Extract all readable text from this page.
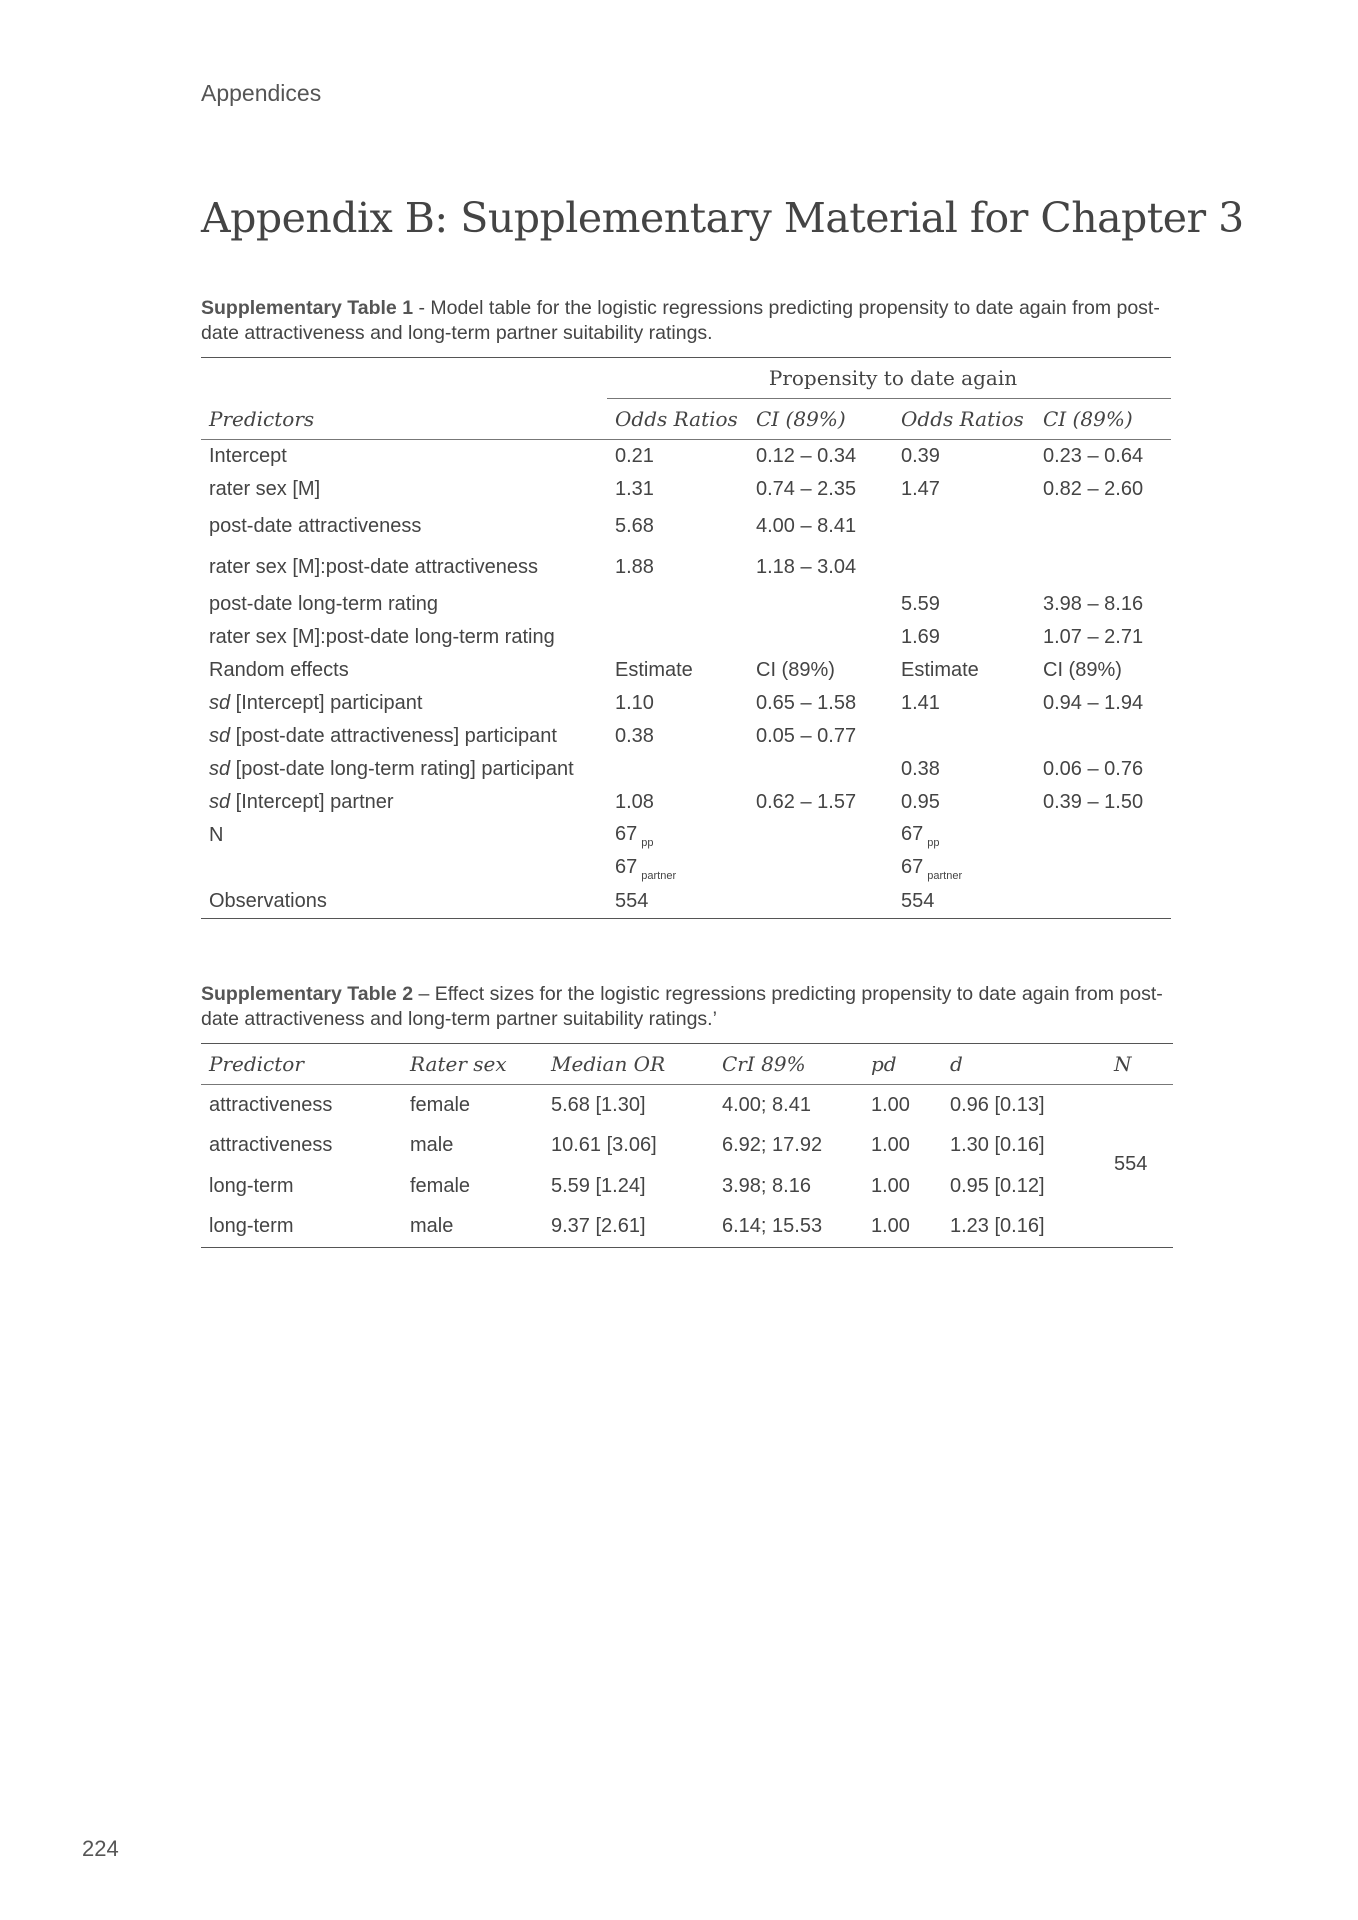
Appendices
Appendix B: Supplementary Material for Chapter 3
Supplementary Table 1 - Model table for the logistic regressions predicting propensity to date again from post-date attractiveness and long-term partner suitability ratings.
	Propensity to date again			
Predictors	Odds Ratios	CI (89%)	Odds Ratios	CI (89%)
Intercept	0.21	0.12 – 0.34	0.39	0.23 – 0.64
rater sex [M]	1.31	0.74 – 2.35	1.47	0.82 – 2.60
post-date attractiveness	5.68	4.00 – 8.41		
rater sex [M]:post-date attractiveness	1.88	1.18 – 3.04		
post-date long-term rating			5.59	3.98 – 8.16
rater sex [M]:post-date long-term rating			1.69	1.07 – 2.71
Random effects	Estimate	CI (89%)	Estimate	CI (89%)
sd [Intercept] participant	1.10	0.65 – 1.58	1.41	0.94 – 1.94
sd [post-date attractiveness] participant	0.38	0.05 – 0.77		
sd [post-date long-term rating] participant			0.38	0.06 – 0.76
sd [Intercept] partner	1.08	0.62 – 1.57	0.95	0.39 – 1.50
N	67 $_{pp}$		67 $_{pp}$	
	67 $_{partner}$		67 $_{partner}$	
Observations	554		554	
Supplementary Table 2 – Effect sizes for the logistic regressions predicting propensity to date again from post-date attractiveness and long-term partner suitability ratings.’
Predictor	Rater sex	Median OR	CrI 89%	pd	d	N
attractiveness	female	5.68 [1.30]	4.00; 8.41	1.00	0.96 [0.13]	554
attractiveness	male	10.61 [3.06]	6.92; 17.92	1.00	1.30 [0.16]	
long-term	female	5.59 [1.24]	3.98; 8.16	1.00	0.95 [0.12]	
long-term	male	9.37 [2.61]	6.14; 15.53	1.00	1.23 [0.16]	
224
